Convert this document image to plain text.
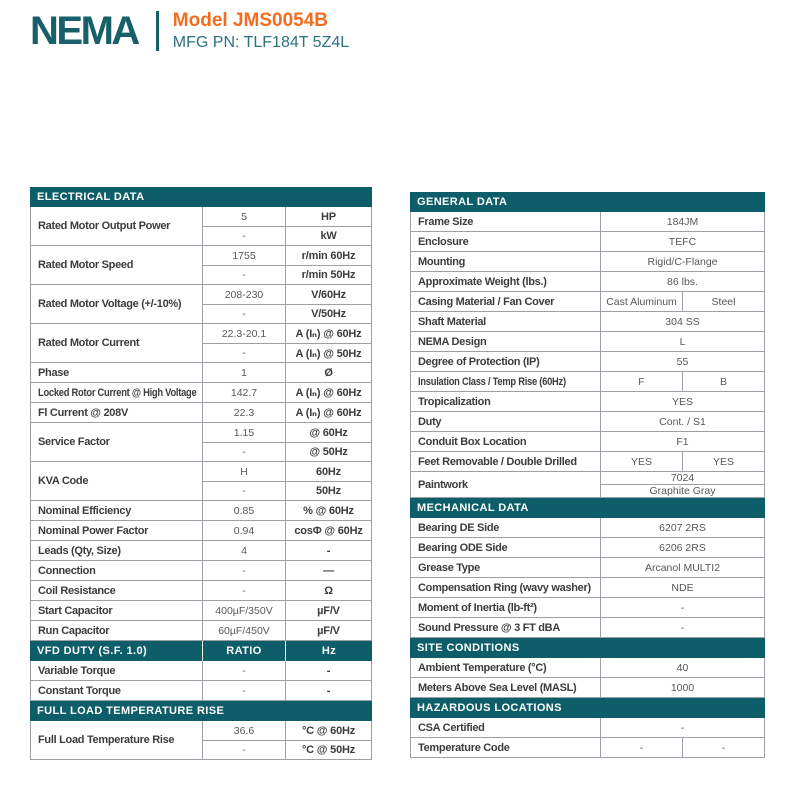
NEMA	Model JMS0054B
MFG PN: TLF184T 5Z4L
ELECTRICAL DATA
Rated Motor Output Power
5	HP
-	kW
Rated Motor Speed
1755	r/min 60Hz
-	r/min 50Hz
Rated Motor Voltage (+/-10%)
208-230	V/60Hz
-	V/50Hz
Rated Motor Current
22.3-20.1	A (Iₙ) @ 60Hz
-	A (Iₙ) @ 50Hz
Phase	1	Ø
Locked Rotor Current @ High Voltage	142.7	A (Iₙ) @ 60Hz
Fl Current @ 208V	22.3	A (Iₙ) @ 60Hz
Service Factor
1.15	@ 60Hz
-	@ 50Hz
KVA Code
H	60Hz
-	50Hz
Nominal Efficiency	0.85	% @ 60Hz
Nominal Power Factor	0.94	cosΦ @ 60Hz
Leads (Qty, Size)	4	-
Connection	-	—
Coil Resistance	-	Ω
Start Capacitor	400µF/350V	µF/V
Run Capacitor	60µF/450V	µF/V
VFD DUTY (S.F. 1.0)	RATIO	Hz
Variable Torque	-	-
Constant Torque	-	-
FULL LOAD TEMPERATURE RISE
Full Load Temperature Rise
36.6	°C @ 60Hz
-	°C @ 50Hz
GENERAL DATA
Frame Size	184JM
Enclosure	TEFC
Mounting	Rigid/C-Flange
Approximate Weight (lbs.)	86 lbs.
Casing Material / Fan Cover	Cast Aluminum	Steel
Shaft Material	304 SS
NEMA Design	L
Degree of Protection (IP)	55
Insulation Class / Temp Rise (60Hz)	F	B
Tropicalization	YES
Duty	Cont. / S1
Conduit Box Location	F1
Feet Removable / Double Drilled	YES	YES
Paintwork
7024
Graphite Gray
MECHANICAL DATA
Bearing DE Side	6207 2RS
Bearing ODE Side	6206 2RS
Grease Type	Arcanol MULTI2
Compensation Ring (wavy washer)	NDE
Moment of Inertia (lb-ft²)	-
Sound Pressure @ 3 FT dBA	-
SITE CONDITIONS
Ambient Temperature (°C)	40
Meters Above Sea Level (MASL)	1000
HAZARDOUS LOCATIONS
CSA Certified	-
Temperature Code	-	-
